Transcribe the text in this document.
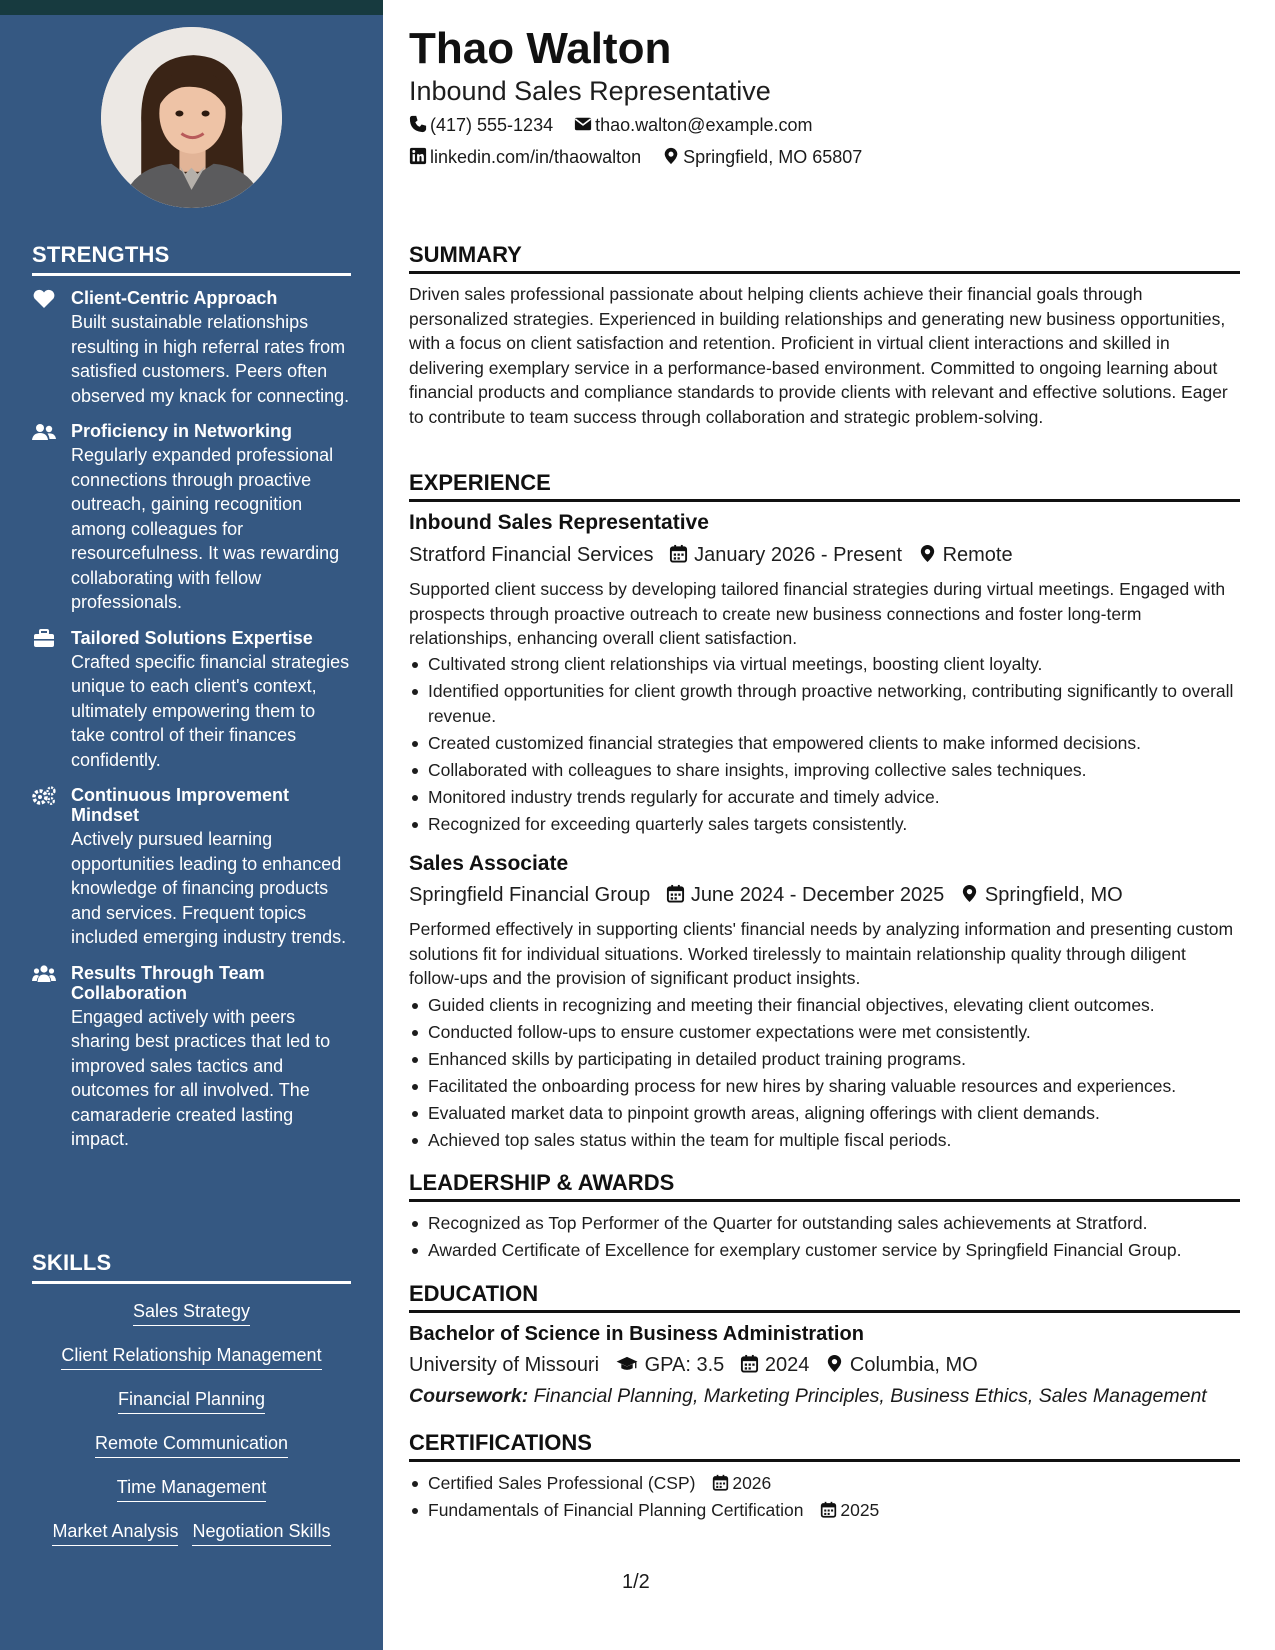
STRENGTHS
Client-Centric Approach
Built sustainable relationships resulting in high referral rates from satisfied customers. Peers often observed my knack for connecting.
Proficiency in Networking
Regularly expanded professional connections through proactive outreach, gaining recognition among colleagues for resourcefulness. It was rewarding collaborating with fellow professionals.
Tailored Solutions Expertise
Crafted specific financial strategies unique to each client's context, ultimately empowering them to take control of their finances confidently.
Continuous Improvement Mindset
Actively pursued learning opportunities leading to enhanced knowledge of financing products and services. Frequent topics included emerging industry trends.
Results Through Team Collaboration
Engaged actively with peers sharing best practices that led to improved sales tactics and outcomes for all involved. The camaraderie created lasting impact.
SKILLS
Sales Strategy
Client Relationship Management
Financial Planning
Remote Communication
Time Management
Market Analysis Negotiation Skills
Thao Walton
Inbound Sales Representative
(417) 555-1234 thao.walton@example.com
linkedin.com/in/thaowalton Springfield, MO 65807
SUMMARY
Driven sales professional passionate about helping clients achieve their financial goals through personalized strategies. Experienced in building relationships and generating new business opportunities, with a focus on client satisfaction and retention. Proficient in virtual client interactions and skilled in delivering exemplary service in a performance-based environment. Committed to ongoing learning about financial products and compliance standards to provide clients with relevant and effective solutions. Eager to contribute to team success through collaboration and strategic problem-solving.
EXPERIENCE
Inbound Sales Representative
Stratford Financial Services January 2026 - Present Remote
Supported client success by developing tailored financial strategies during virtual meetings. Engaged with prospects through proactive outreach to create new business connections and foster long-term relationships, enhancing overall client satisfaction.
Cultivated strong client relationships via virtual meetings, boosting client loyalty.
Identified opportunities for client growth through proactive networking, contributing significantly to overall revenue.
Created customized financial strategies that empowered clients to make informed decisions.
Collaborated with colleagues to share insights, improving collective sales techniques.
Monitored industry trends regularly for accurate and timely advice.
Recognized for exceeding quarterly sales targets consistently.
Sales Associate
Springfield Financial Group June 2024 - December 2025 Springfield, MO
Performed effectively in supporting clients' financial needs by analyzing information and presenting custom solutions fit for individual situations. Worked tirelessly to maintain relationship quality through diligent follow-ups and the provision of significant product insights.
Guided clients in recognizing and meeting their financial objectives, elevating client outcomes.
Conducted follow-ups to ensure customer expectations were met consistently.
Enhanced skills by participating in detailed product training programs.
Facilitated the onboarding process for new hires by sharing valuable resources and experiences.
Evaluated market data to pinpoint growth areas, aligning offerings with client demands.
Achieved top sales status within the team for multiple fiscal periods.
LEADERSHIP & AWARDS
Recognized as Top Performer of the Quarter for outstanding sales achievements at Stratford.
Awarded Certificate of Excellence for exemplary customer service by Springfield Financial Group.
EDUCATION
Bachelor of Science in Business Administration
University of Missouri GPA: 3.5 2024 Columbia, MO
Coursework: Financial Planning, Marketing Principles, Business Ethics, Sales Management
CERTIFICATIONS
Certified Sales Professional (CSP) 2026
Fundamentals of Financial Planning Certification 2025
1/2
